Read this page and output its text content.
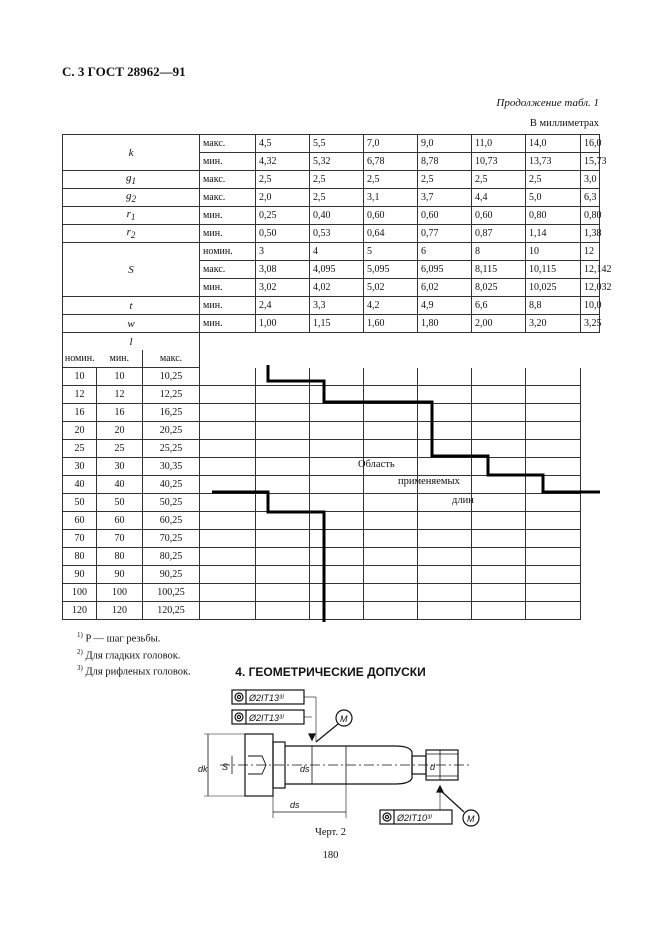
С. 3 ГОСТ 28962—91
Продолжение табл. 1
В миллиметрах
k			макс.	4,5	5,5	7,0	9,0	11,0	14,0	16,0
			мин.	4,32	5,32	6,78	8,78	10,73	13,73	15,73
$g_1$			макс.	2,5	2,5	2,5	2,5	2,5	2,5	3,0
$g_2$			макс.	2,0	2,5	3,1	3,7	4,4	5,0	6,3
$r_1$			мин.	0,25	0,40	0,60	0,60	0,60	0,80	0,80
$r_2$			мин.	0,50	0,53	0,64	0,77	0,87	1,14	1,38
S			номин.	3	4	5	6	8	10	12
			макс.	3,08	4,095	5,095	6,095	8,115	10,115	12,142
			мин.	3,02	4,02	5,02	6,02	8,025	10,025	12,032
t			мин.	2,4	3,3	4,2	4,9	6,6	8,8	10,0
w			мин.	1,00	1,15	1,60	1,80	2,00	3,20	3,25
l										
номин.	мин.	макс.								
10	10	10,25								
12	12	12,25								
16	16	16,25								
20	20	20,25								
25	25	25,25								
30	30	30,35								
40	40	40,25								
50	50	50,25								
60	60	60,25								
70	70	70,25								
80	80	80,25								
90	90	90,25								
100	100	100,25								
120	120	120,25								
Ø2IT13³⁾
Ø2IT13³⁾
Ø2IT10³⁾
M
M
dk S	ds
ds
d
Область
применяемых
длин
$^{1)}$ P — шаг резьбы.
$^{2)}$ Для гладких головок.
$^{3)}$ Для рифленых головок.	4. ГЕОМЕТРИЧЕСКИЕ ДОПУСКИ
Черт. 2
180
